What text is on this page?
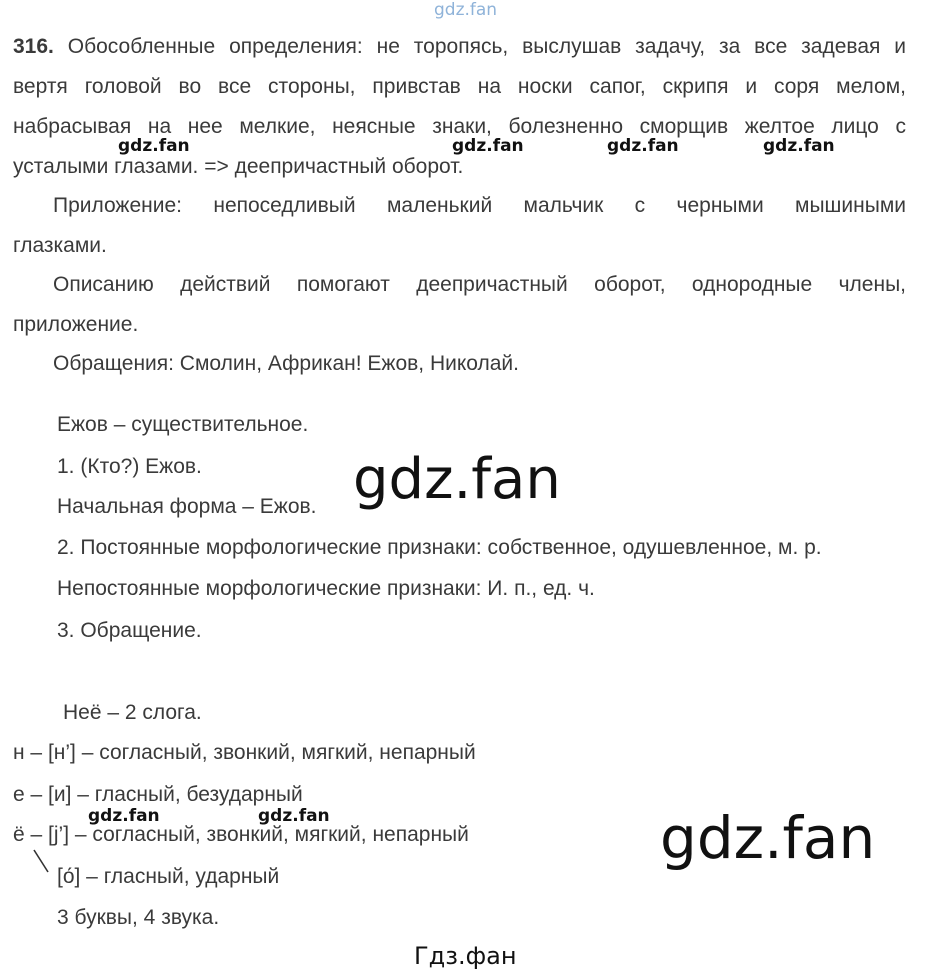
gdz.fan
316. Обособленные определения: не торопясь, выслушав задачу, за все задевая и
вертя головой во все стороны, привстав на носки сапог, скрипя и соря мелом,
набрасывая на нее мелкие, неясные знаки, болезненно сморщив желтое лицо с
усталыми глазами. => деепричастный оборот.
gdz.fan	gdz.fan	gdz.fan	gdz.fan
Приложение: непоседливый маленький мальчик с черными мышиными
глазками.
Описанию действий помогают деепричастный оборот, однородные члены,
приложение.
Обращения: Смолин, Африкан! Ежов, Николай.
Ежов – существительное.
1. (Кто?) Ежов.
Начальная форма – Ежов.
2. Постоянные морфологические признаки: собственное, одушевленное, м. р.
Непостоянные морфологические признаки: И. п., ед. ч.
3. Обращение.
gdz.fan
Неё – 2 слога.
н – [н’] – согласный, звонкий, мягкий, непарный
е – [и] – гласный, безударный
gdz.fan	gdz.fan
ё – [j’] – согласный, звонкий, мягкий, непарный
[о́] – гласный, ударный
3 буквы, 4 звука.
gdz.fan
Гдз.фан
